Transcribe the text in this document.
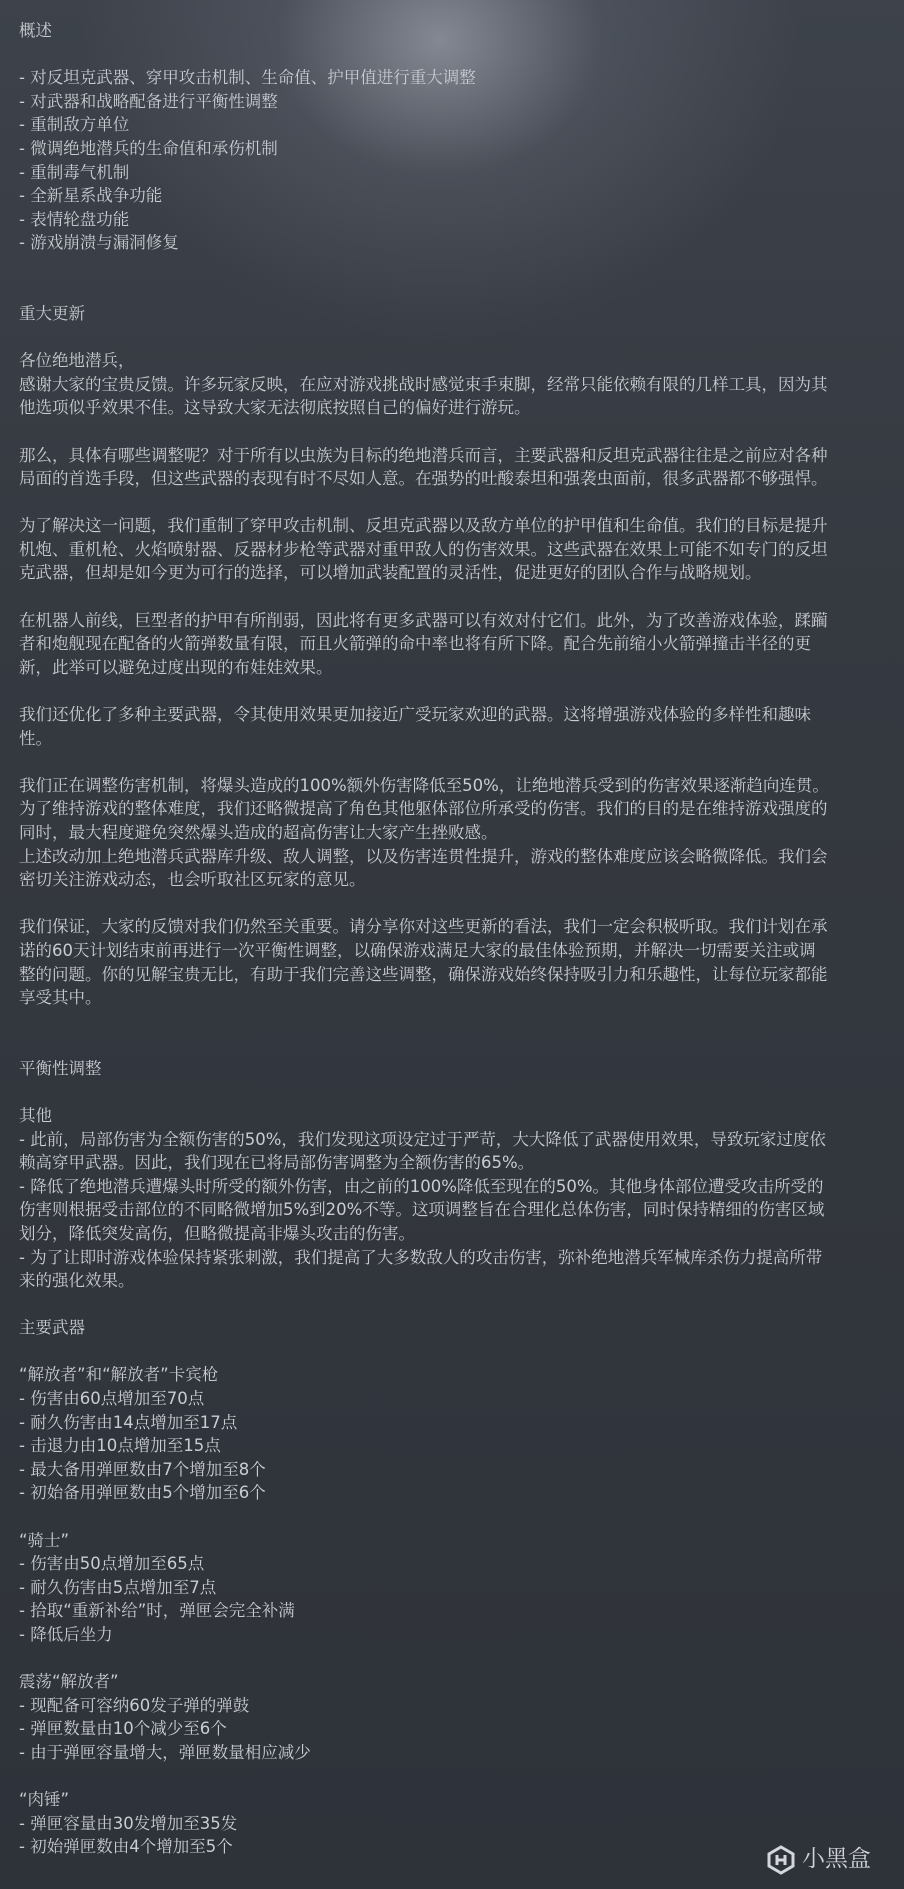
概述
- 对反坦克武器、穿甲攻击机制、生命值、护甲值进行重大调整
- 对武器和战略配备进行平衡性调整
- 重制敌方单位
- 微调绝地潜兵的生命值和承伤机制
- 重制毒气机制
- 全新星系战争功能
- 表情轮盘功能
- 游戏崩溃与漏洞修复
重大更新
各位绝地潜兵，
感谢大家的宝贵反馈。许多玩家反映，在应对游戏挑战时感觉束手束脚，经常只能依赖有限的几样工具，因为其
他选项似乎效果不佳。这导致大家无法彻底按照自己的偏好进行游玩。
那么，具体有哪些调整呢？对于所有以虫族为目标的绝地潜兵而言，主要武器和反坦克武器往往是之前应对各种
局面的首选手段，但这些武器的表现有时不尽如人意。在强势的吐酸泰坦和强袭虫面前，很多武器都不够强悍。
为了解决这一问题，我们重制了穿甲攻击机制、反坦克武器以及敌方单位的护甲值和生命值。我们的目标是提升
机炮、重机枪、火焰喷射器、反器材步枪等武器对重甲敌人的伤害效果。这些武器在效果上可能不如专门的反坦
克武器，但却是如今更为可行的选择，可以增加武装配置的灵活性，促进更好的团队合作与战略规划。
在机器人前线，巨型者的护甲有所削弱，因此将有更多武器可以有效对付它们。此外，为了改善游戏体验，蹂躏
者和炮舰现在配备的火箭弹数量有限，而且火箭弹的命中率也将有所下降。配合先前缩小火箭弹撞击半径的更
新，此举可以避免过度出现的布娃娃效果。
我们还优化了多种主要武器，令其使用效果更加接近广受玩家欢迎的武器。这将增强游戏体验的多样性和趣味
性。
我们正在调整伤害机制，将爆头造成的100%额外伤害降低至50%，让绝地潜兵受到的伤害效果逐渐趋向连贯。
为了维持游戏的整体难度，我们还略微提高了角色其他躯体部位所承受的伤害。我们的目的是在维持游戏强度的
同时，最大程度避免突然爆头造成的超高伤害让大家产生挫败感。
上述改动加上绝地潜兵武器库升级、敌人调整，以及伤害连贯性提升，游戏的整体难度应该会略微降低。我们会
密切关注游戏动态，也会听取社区玩家的意见。
我们保证，大家的反馈对我们仍然至关重要。请分享你对这些更新的看法，我们一定会积极听取。我们计划在承
诺的60天计划结束前再进行一次平衡性调整，以确保游戏满足大家的最佳体验预期，并解决一切需要关注或调
整的问题。你的见解宝贵无比，有助于我们完善这些调整，确保游戏始终保持吸引力和乐趣性，让每位玩家都能
享受其中。
平衡性调整
其他
- 此前，局部伤害为全额伤害的50%，我们发现这项设定过于严苛，大大降低了武器使用效果，导致玩家过度依
赖高穿甲武器。因此，我们现在已将局部伤害调整为全额伤害的65%。
- 降低了绝地潜兵遭爆头时所受的额外伤害，由之前的100%降低至现在的50%。其他身体部位遭受攻击所受的
伤害则根据受击部位的不同略微增加5%到20%不等。这项调整旨在合理化总体伤害，同时保持精细的伤害区域
划分，降低突发高伤，但略微提高非爆头攻击的伤害。
- 为了让即时游戏体验保持紧张刺激，我们提高了大多数敌人的攻击伤害，弥补绝地潜兵军械库杀伤力提高所带
来的强化效果。
主要武器
“解放者”和“解放者”卡宾枪
- 伤害由60点增加至70点
- 耐久伤害由14点增加至17点
- 击退力由10点增加至15点
- 最大备用弹匣数由7个增加至8个
- 初始备用弹匣数由5个增加至6个
“骑士”
- 伤害由50点增加至65点
- 耐久伤害由5点增加至7点
- 拾取“重新补给”时，弹匣会完全补满
- 降低后坐力
震荡“解放者”
- 现配备可容纳60发子弹的弹鼓
- 弹匣数量由10个减少至6个
- 由于弹匣容量增大，弹匣数量相应减少
“肉锤”
- 弹匣容量由30发增加至35发
- 初始弹匣数由4个增加至5个	小黑盒
